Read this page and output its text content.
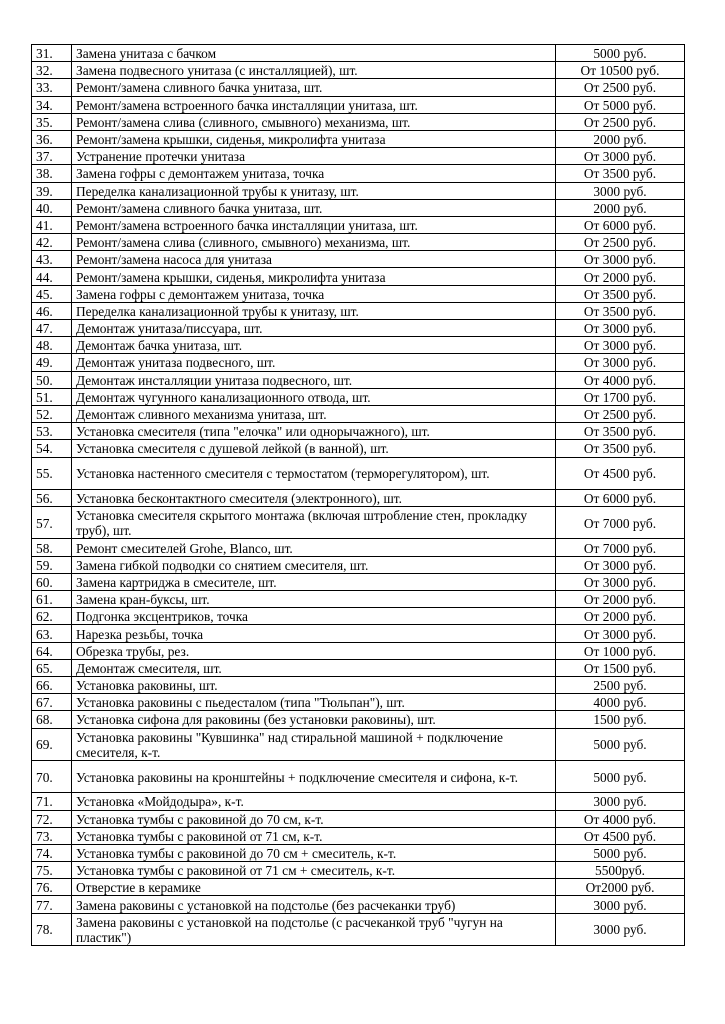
31.	Замена унитаза с бачком	5000 руб.
32.	Замена подвесного унитаза (с инсталляцией), шт.	От 10500 руб.
33.	Ремонт/замена сливного бачка унитаза, шт.	От 2500 руб.
34.	Ремонт/замена встроенного бачка инсталляции унитаза, шт.	От 5000 руб.
35.	Ремонт/замена слива (сливного, смывного) механизма, шт.	От 2500 руб.
36.	Ремонт/замена крышки, сиденья, микролифта унитаза	2000 руб.
37.	Устранение протечки унитаза	От 3000 руб.
38.	Замена гофры с демонтажем унитаза, точка	От 3500 руб.
39.	Переделка канализационной трубы к унитазу, шт.	3000 руб.
40.	Ремонт/замена сливного бачка унитаза, шт.	2000 руб.
41.	Ремонт/замена встроенного бачка инсталляции унитаза, шт.	От 6000 руб.
42.	Ремонт/замена слива (сливного, смывного) механизма, шт.	От 2500 руб.
43.	Ремонт/замена насоса для унитаза	От 3000 руб.
44.	Ремонт/замена крышки, сиденья, микролифта унитаза	От 2000 руб.
45.	Замена гофры с демонтажем унитаза, точка	От 3500 руб.
46.	Переделка канализационной трубы к унитазу, шт.	От 3500 руб.
47.	Демонтаж унитаза/писсуара, шт.	От 3000 руб.
48.	Демонтаж бачка унитаза, шт.	От 3000 руб.
49.	Демонтаж унитаза подвесного, шт.	От 3000 руб.
50.	Демонтаж инсталляции унитаза подвесного, шт.	От 4000 руб.
51.	Демонтаж чугунного канализационного отвода, шт.	От 1700 руб.
52.	Демонтаж сливного механизма унитаза, шт.	От 2500 руб.
53.	Установка смесителя (типа "елочка" или однорычажного), шт.	От 3500 руб.
54.	Установка смесителя с душевой лейкой (в ванной), шт.	От 3500 руб.
55.	Установка настенного смесителя с термостатом (терморегулятором), шт.	От 4500 руб.
56.	Установка бесконтактного смесителя (электронного), шт.	От 6000 руб.
57.	Установка смесителя скрытого монтажа (включая штробление стен, прокладку труб), шт.	От 7000 руб.
58.	Ремонт смесителей Grohe, Blanco, шт.	От 7000 руб.
59.	Замена гибкой подводки со снятием смесителя, шт.	От 3000 руб.
60.	Замена картриджа в смесителе, шт.	От 3000 руб.
61.	Замена кран-буксы, шт.	От 2000 руб.
62.	Подгонка эксцентриков, точка	От 2000 руб.
63.	Нарезка резьбы, точка	От 3000 руб.
64.	Обрезка трубы, рез.	От 1000 руб.
65.	Демонтаж смесителя, шт.	От 1500 руб.
66.	Установка раковины, шт.	2500 руб.
67.	Установка раковины с пьедесталом (типа "Тюльпан"), шт.	4000 руб.
68.	Установка сифона для раковины (без установки раковины), шт.	1500 руб.
69.	Установка раковины "Кувшинка" над стиральной машиной + подключение смесителя, к-т.	5000 руб.
70.	Установка раковины на кронштейны + подключение смесителя и сифона, к-т.	5000 руб.
71.	Установка «Мойдодыра», к-т.	3000 руб.
72.	Установка тумбы с раковиной до 70 см, к-т.	От 4000 руб.
73.	Установка тумбы с раковиной от 71 см, к-т.	От 4500 руб.
74.	Установка тумбы с раковиной до 70 см + смеситель, к-т.	5000 руб.
75.	Установка тумбы с раковиной от 71 см + смеситель, к-т.	5500руб.
76.	Отверстие в керамике	От2000 руб.
77.	Замена раковины с установкой на подстолье (без расчеканки труб)	3000 руб.
78.	Замена раковины с установкой на подстолье (с расчеканкой труб "чугун на пластик")	3000 руб.
